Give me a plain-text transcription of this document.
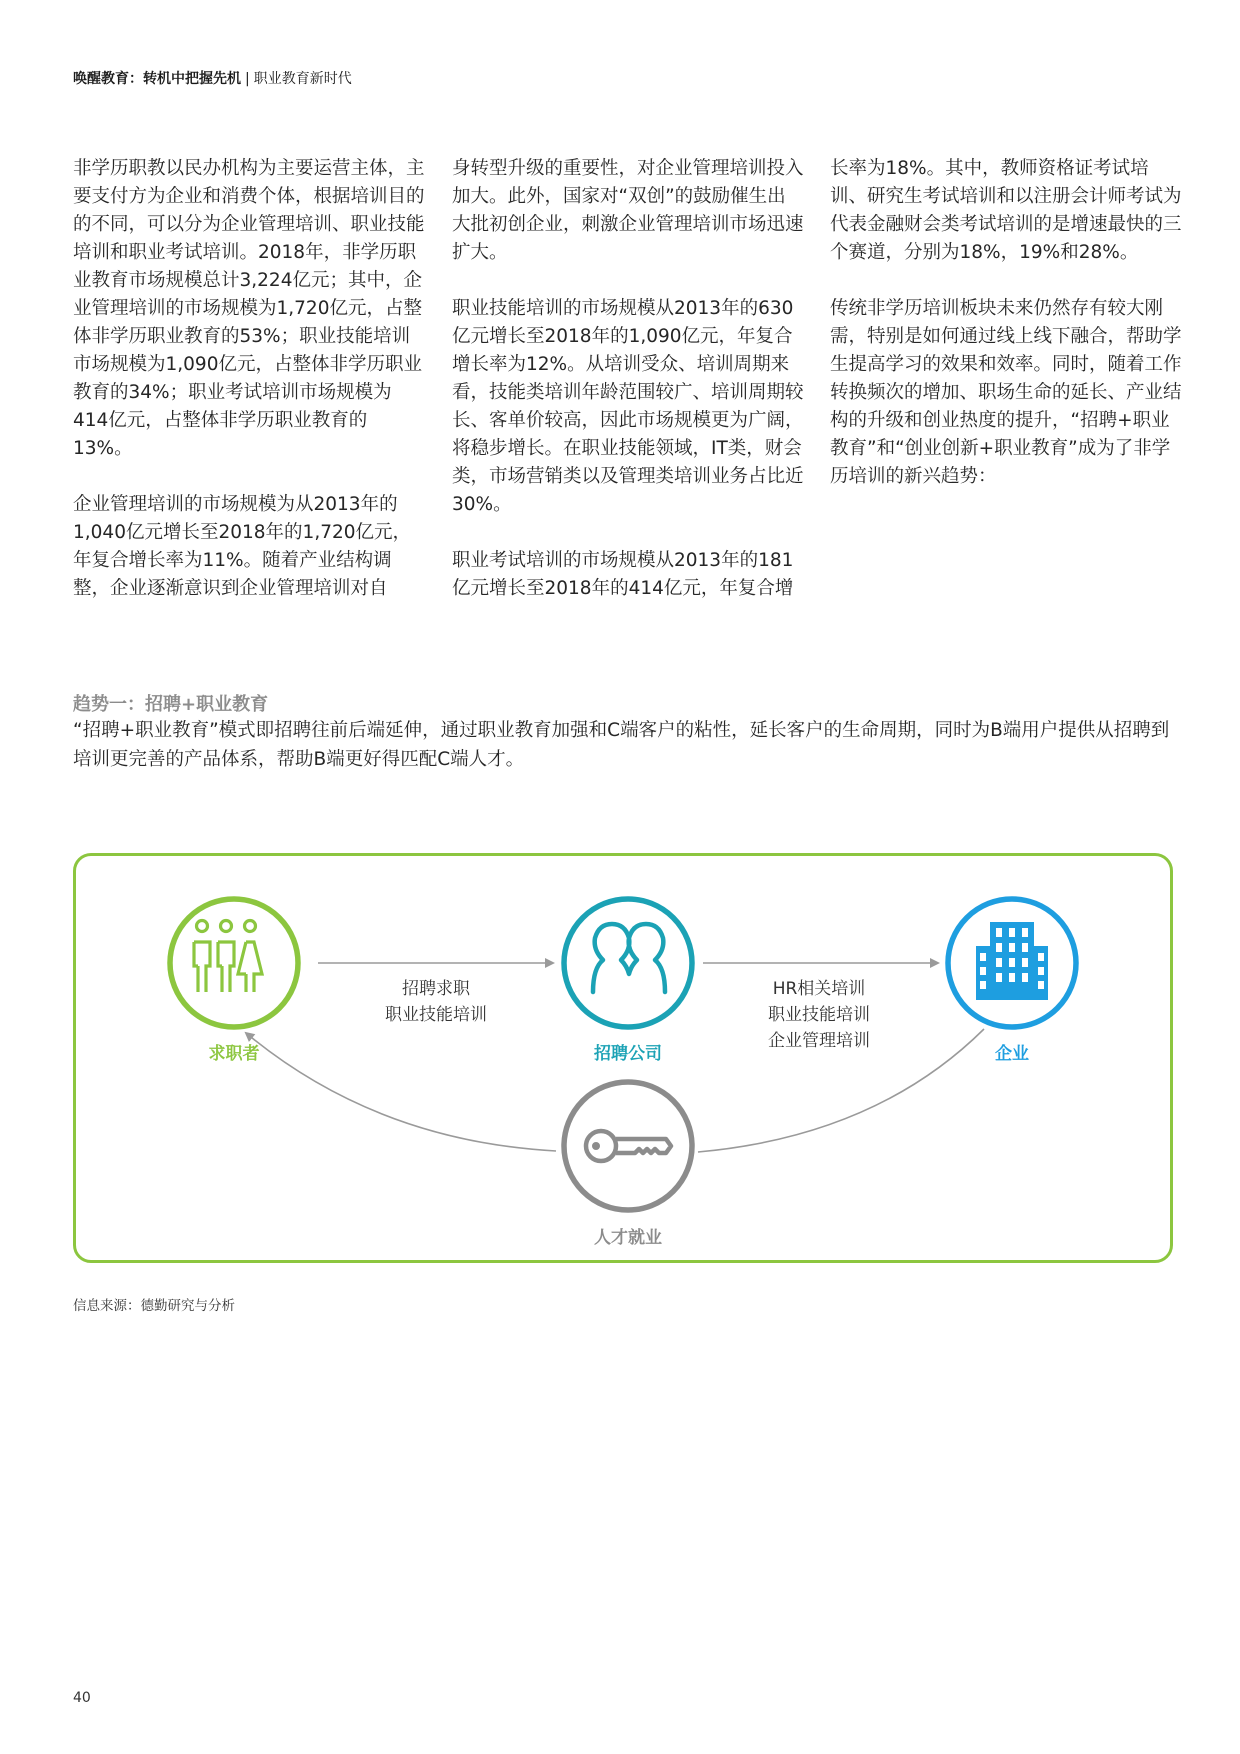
唤醒教育：转机中把握先机 | 职业教育新时代

非学历职教以民办机构为主要运营主体，主要支付方为企业和消费个体，根据培训目的的不同，可以分为企业管理培训、职业技能培训和职业考试培训。2018年，非学历职业教育市场规模总计3,224亿元；其中，企业管理培训的市场规模为1,720亿元，占整体非学历职业教育的53%；职业技能培训市场规模为1,090亿元，占整体非学历职业教育的34%；职业考试培训市场规模为414亿元，占整体非学历职业教育的13%。

企业管理培训的市场规模为从2013年的1,040亿元增长至2018年的1,720亿元，年复合增长率为11%。随着产业结构调整，企业逐渐意识到企业管理培训对自

身转型升级的重要性，对企业管理培训投入加大。此外，国家对“双创”的鼓励催生出大批初创企业，刺激企业管理培训市场迅速扩大。

职业技能培训的市场规模从2013年的630亿元增长至2018年的1,090亿元，年复合增长率为12%。从培训受众、培训周期来看，技能类培训年龄范围较广、培训周期较长、客单价较高，因此市场规模更为广阔，将稳步增长。在职业技能领域，IT类，财会类，市场营销类以及管理类培训业务占比近30%。

职业考试培训的市场规模从2013年的181亿元增长至2018年的414亿元，年复合增

长率为18%。其中，教师资格证考试培训、研究生考试培训和以注册会计师考试为代表金融财会类考试培训的是增速最快的三个赛道，分别为18%，19%和28%。

传统非学历培训板块未来仍然存有较大刚需，特别是如何通过线上线下融合，帮助学生提高学习的效果和效率。同时，随着工作转换频次的增加、职场生命的延长、产业结构的升级和创业热度的提升，“招聘+职业教育”和“创业创新+职业教育”成为了非学历培训的新兴趋势：

趋势一：招聘+职业教育
“招聘+职业教育”模式即招聘往前后端延伸，通过职业教育加强和C端客户的粘性，延长客户的生命周期，同时为B端用户提供从招聘到培训更完善的产品体系，帮助B端更好得匹配C端人才。
求职者	招聘公司	企业
人才就业
招聘求职
职业技能培训
HR相关培训
职业技能培训
企业管理培训
信息来源：德勤研究与分析
40
